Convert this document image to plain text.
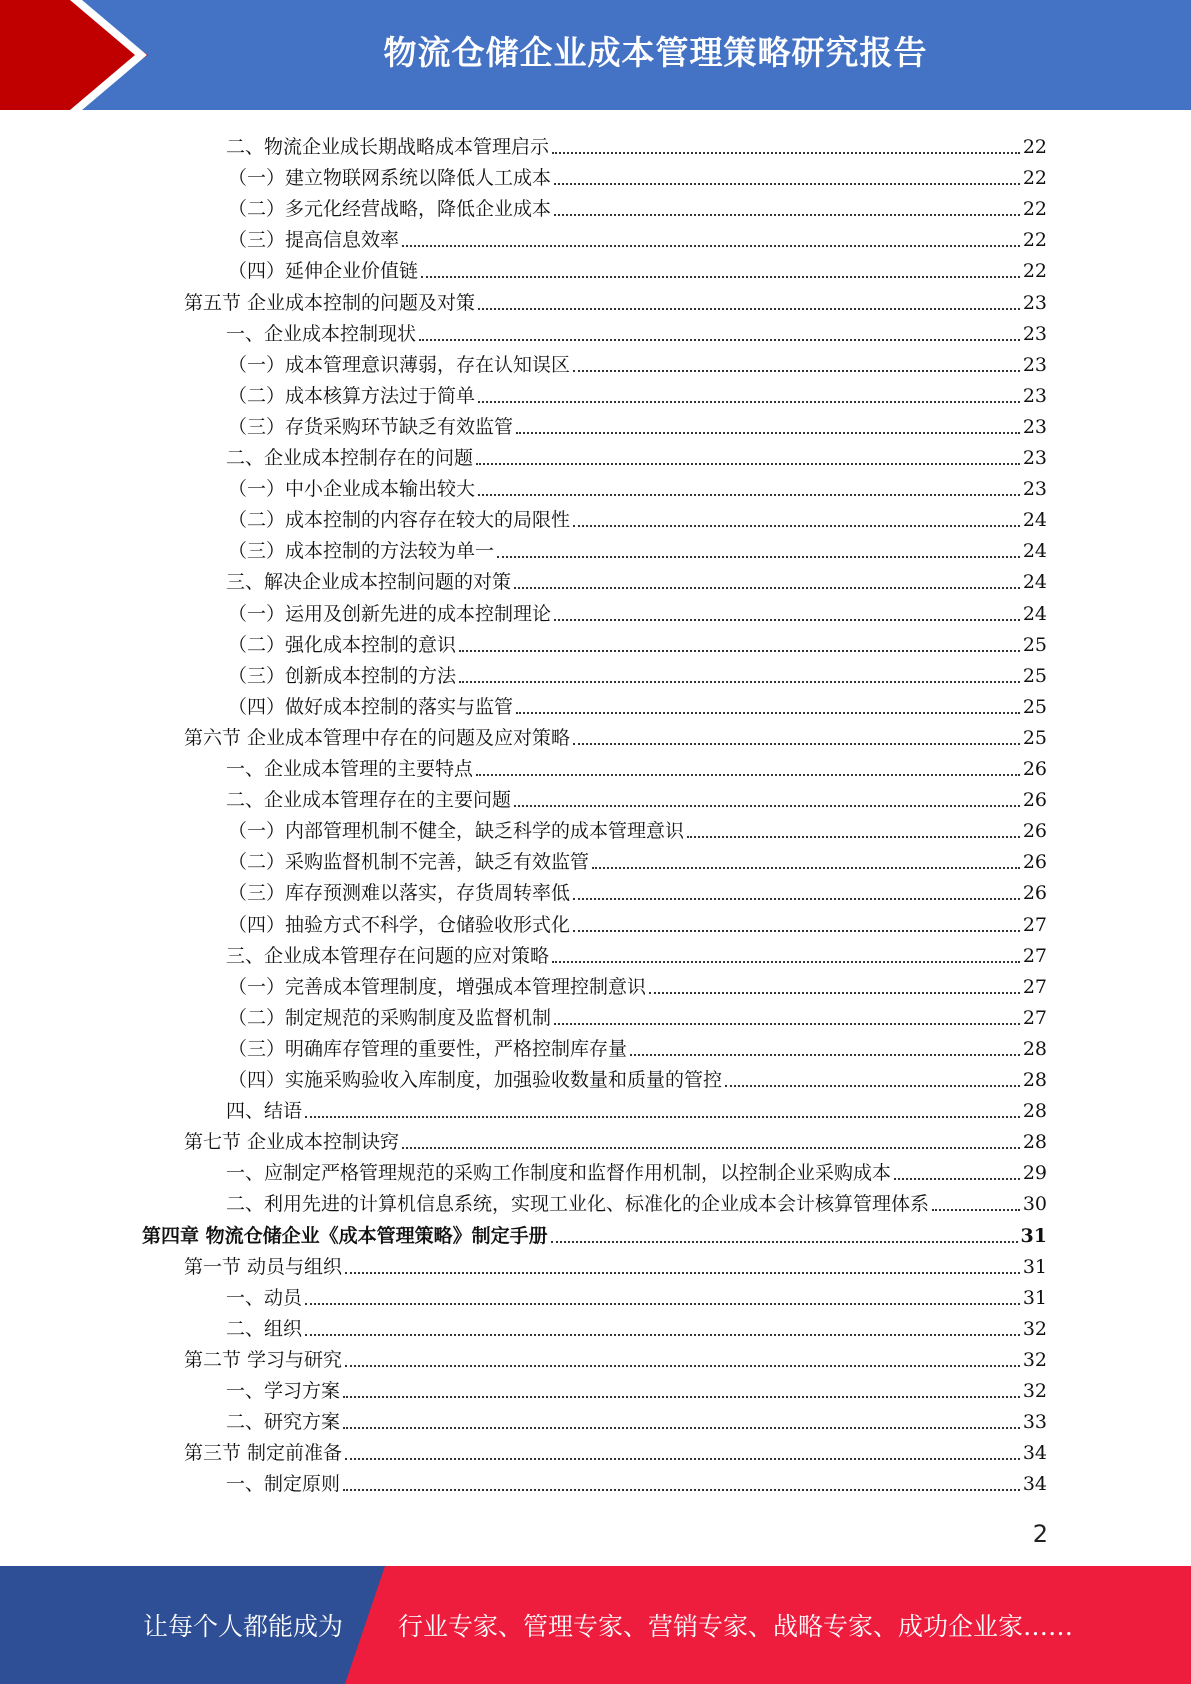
物流仓储企业成本管理策略研究报告
二、物流企业成长期战略成本管理启示	22
（一）建立物联网系统以降低人工成本	22
（二）多元化经营战略，降低企业成本	22
（三）提高信息效率	22
（四）延伸企业价值链	22
第五节 企业成本控制的问题及对策	23
一、企业成本控制现状	23
（一）成本管理意识薄弱，存在认知误区	23
（二）成本核算方法过于简单	23
（三）存货采购环节缺乏有效监管	23
二、企业成本控制存在的问题	23
（一）中小企业成本输出较大	23
（二）成本控制的内容存在较大的局限性	24
（三）成本控制的方法较为单一	24
三、解决企业成本控制问题的对策	24
（一）运用及创新先进的成本控制理论	24
（二）强化成本控制的意识	25
（三）创新成本控制的方法	25
（四）做好成本控制的落实与监管	25
第六节 企业成本管理中存在的问题及应对策略	25
一、企业成本管理的主要特点	26
二、企业成本管理存在的主要问题	26
（一）内部管理机制不健全，缺乏科学的成本管理意识	26
（二）采购监督机制不完善，缺乏有效监管	26
（三）库存预测难以落实，存货周转率低	26
（四）抽验方式不科学，仓储验收形式化	27
三、企业成本管理存在问题的应对策略	27
（一）完善成本管理制度，增强成本管理控制意识	27
（二）制定规范的采购制度及监督机制	27
（三）明确库存管理的重要性，严格控制库存量	28
（四）实施采购验收入库制度，加强验收数量和质量的管控	28
四、结语	28
第七节 企业成本控制诀窍	28
一、应制定严格管理规范的采购工作制度和监督作用机制，以控制企业采购成本	29
二、利用先进的计算机信息系统，实现工业化、标准化的企业成本会计核算管理体系	30
第四章 物流仓储企业《成本管理策略》制定手册	31
第一节 动员与组织	31
一、动员	31
二、组织	32
第二节 学习与研究	32
一、学习方案	32
二、研究方案	33
第三节 制定前准备	34
一、制定原则	34
2
让每个人都能成为 行业专家、管理专家、营销专家、战略专家、成功企业家……
